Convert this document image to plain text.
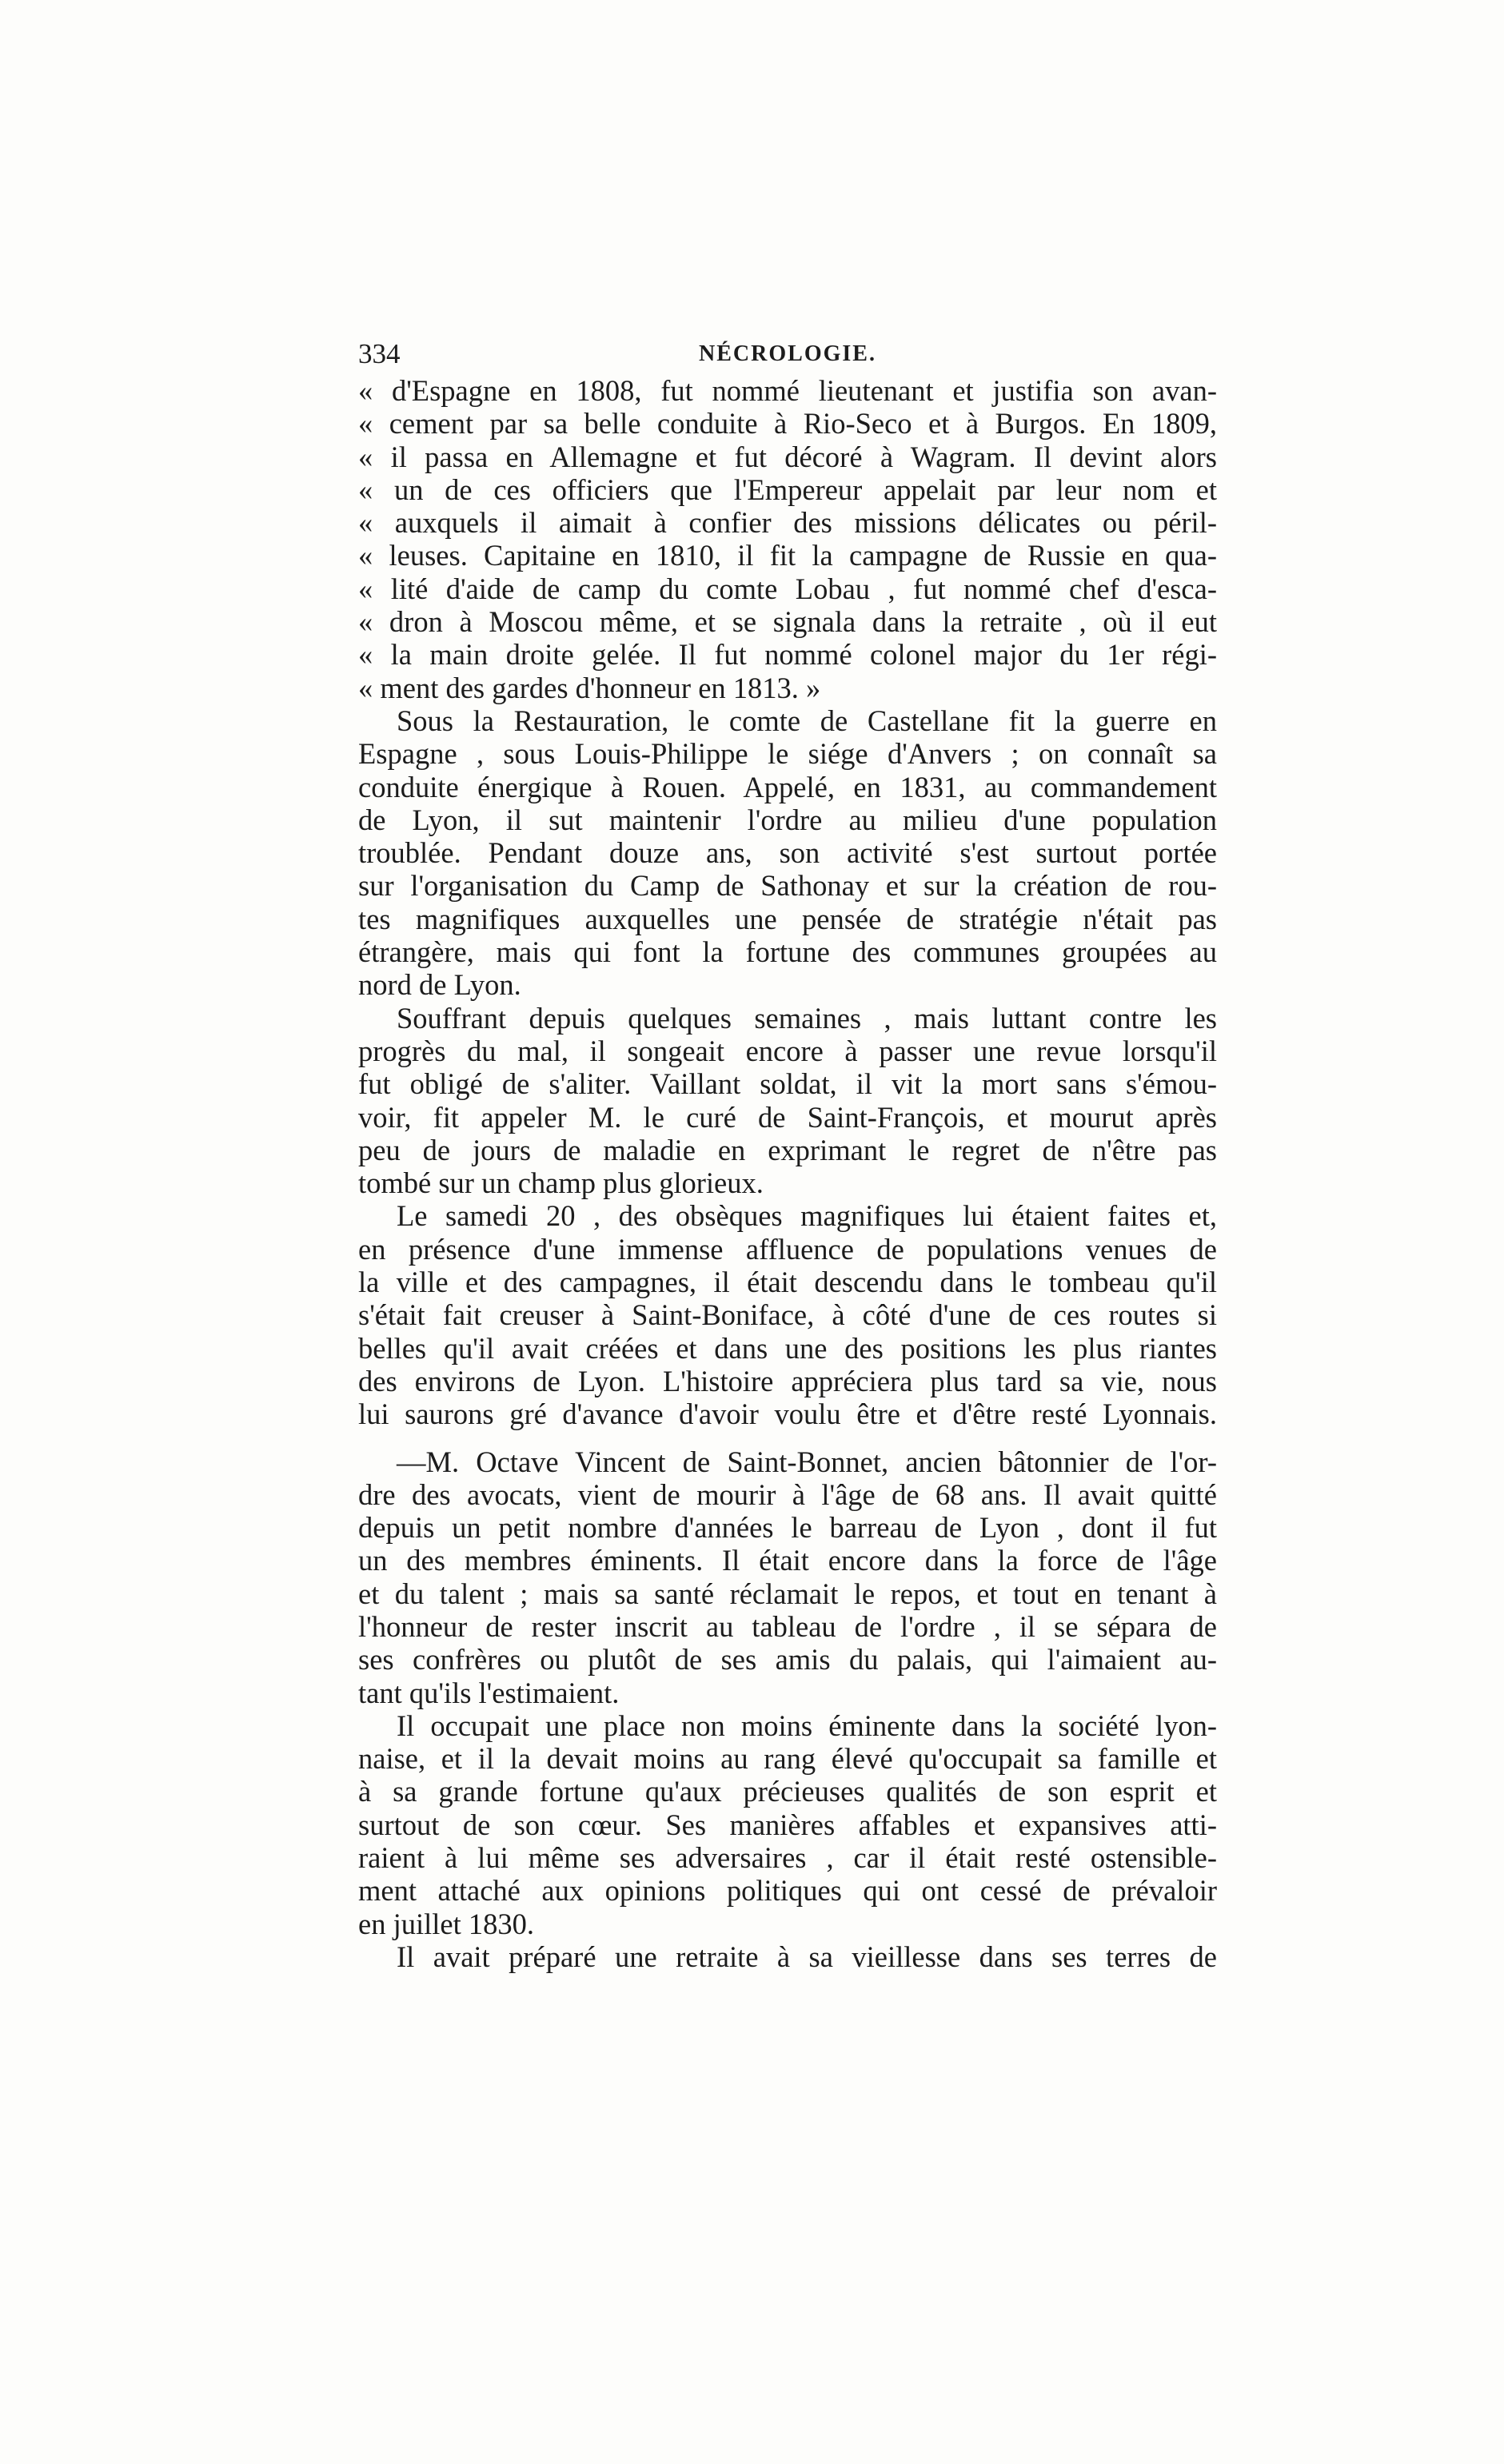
334	NÉCROLOGIE.
« d'Espagne en 1808, fut nommé lieutenant et justifia son avan-
« cement par sa belle conduite à Rio-Seco et à Burgos. En 1809,
« il passa en Allemagne et fut décoré à Wagram. Il devint alors
« un de ces officiers que l'Empereur appelait par leur nom et
« auxquels il aimait à confier des missions délicates ou péril-
« leuses. Capitaine en 1810, il fit la campagne de Russie en qua-
« lité d'aide de camp du comte Lobau , fut nommé chef d'esca-
« dron à Moscou même, et se signala dans la retraite , où il eut
« la main droite gelée. Il fut nommé colonel major du 1er régi-
« ment des gardes d'honneur en 1813. »
Sous la Restauration, le comte de Castellane fit la guerre en
Espagne , sous Louis-Philippe le siége d'Anvers ; on connaît sa
conduite énergique à Rouen. Appelé, en 1831, au commandement
de Lyon, il sut maintenir l'ordre au milieu d'une population
troublée. Pendant douze ans, son activité s'est surtout portée
sur l'organisation du Camp de Sathonay et sur la création de rou-
tes magnifiques auxquelles une pensée de stratégie n'était pas
étrangère, mais qui font la fortune des communes groupées au
nord de Lyon.
Souffrant depuis quelques semaines , mais luttant contre les
progrès du mal, il songeait encore à passer une revue lorsqu'il
fut obligé de s'aliter. Vaillant soldat, il vit la mort sans s'émou-
voir, fit appeler M. le curé de Saint-François, et mourut après
peu de jours de maladie en exprimant le regret de n'être pas
tombé sur un champ plus glorieux.
Le samedi 20 , des obsèques magnifiques lui étaient faites et,
en présence d'une immense affluence de populations venues de
la ville et des campagnes, il était descendu dans le tombeau qu'il
s'était fait creuser à Saint-Boniface, à côté d'une de ces routes si
belles qu'il avait créées et dans une des positions les plus riantes
des environs de Lyon. L'histoire appréciera plus tard sa vie, nous
lui saurons gré d'avance d'avoir voulu être et d'être resté Lyonnais.
—M. Octave Vincent de Saint-Bonnet, ancien bâtonnier de l'or-
dre des avocats, vient de mourir à l'âge de 68 ans. Il avait quitté
depuis un petit nombre d'années le barreau de Lyon , dont il fut
un des membres éminents. Il était encore dans la force de l'âge
et du talent ; mais sa santé réclamait le repos, et tout en tenant à
l'honneur de rester inscrit au tableau de l'ordre , il se sépara de
ses confrères ou plutôt de ses amis du palais, qui l'aimaient au-
tant qu'ils l'estimaient.
Il occupait une place non moins éminente dans la société lyon-
naise, et il la devait moins au rang élevé qu'occupait sa famille et
à sa grande fortune qu'aux précieuses qualités de son esprit et
surtout de son cœur. Ses manières affables et expansives atti-
raient à lui même ses adversaires , car il était resté ostensible-
ment attaché aux opinions politiques qui ont cessé de prévaloir
en juillet 1830.
Il avait préparé une retraite à sa vieillesse dans ses terres de
